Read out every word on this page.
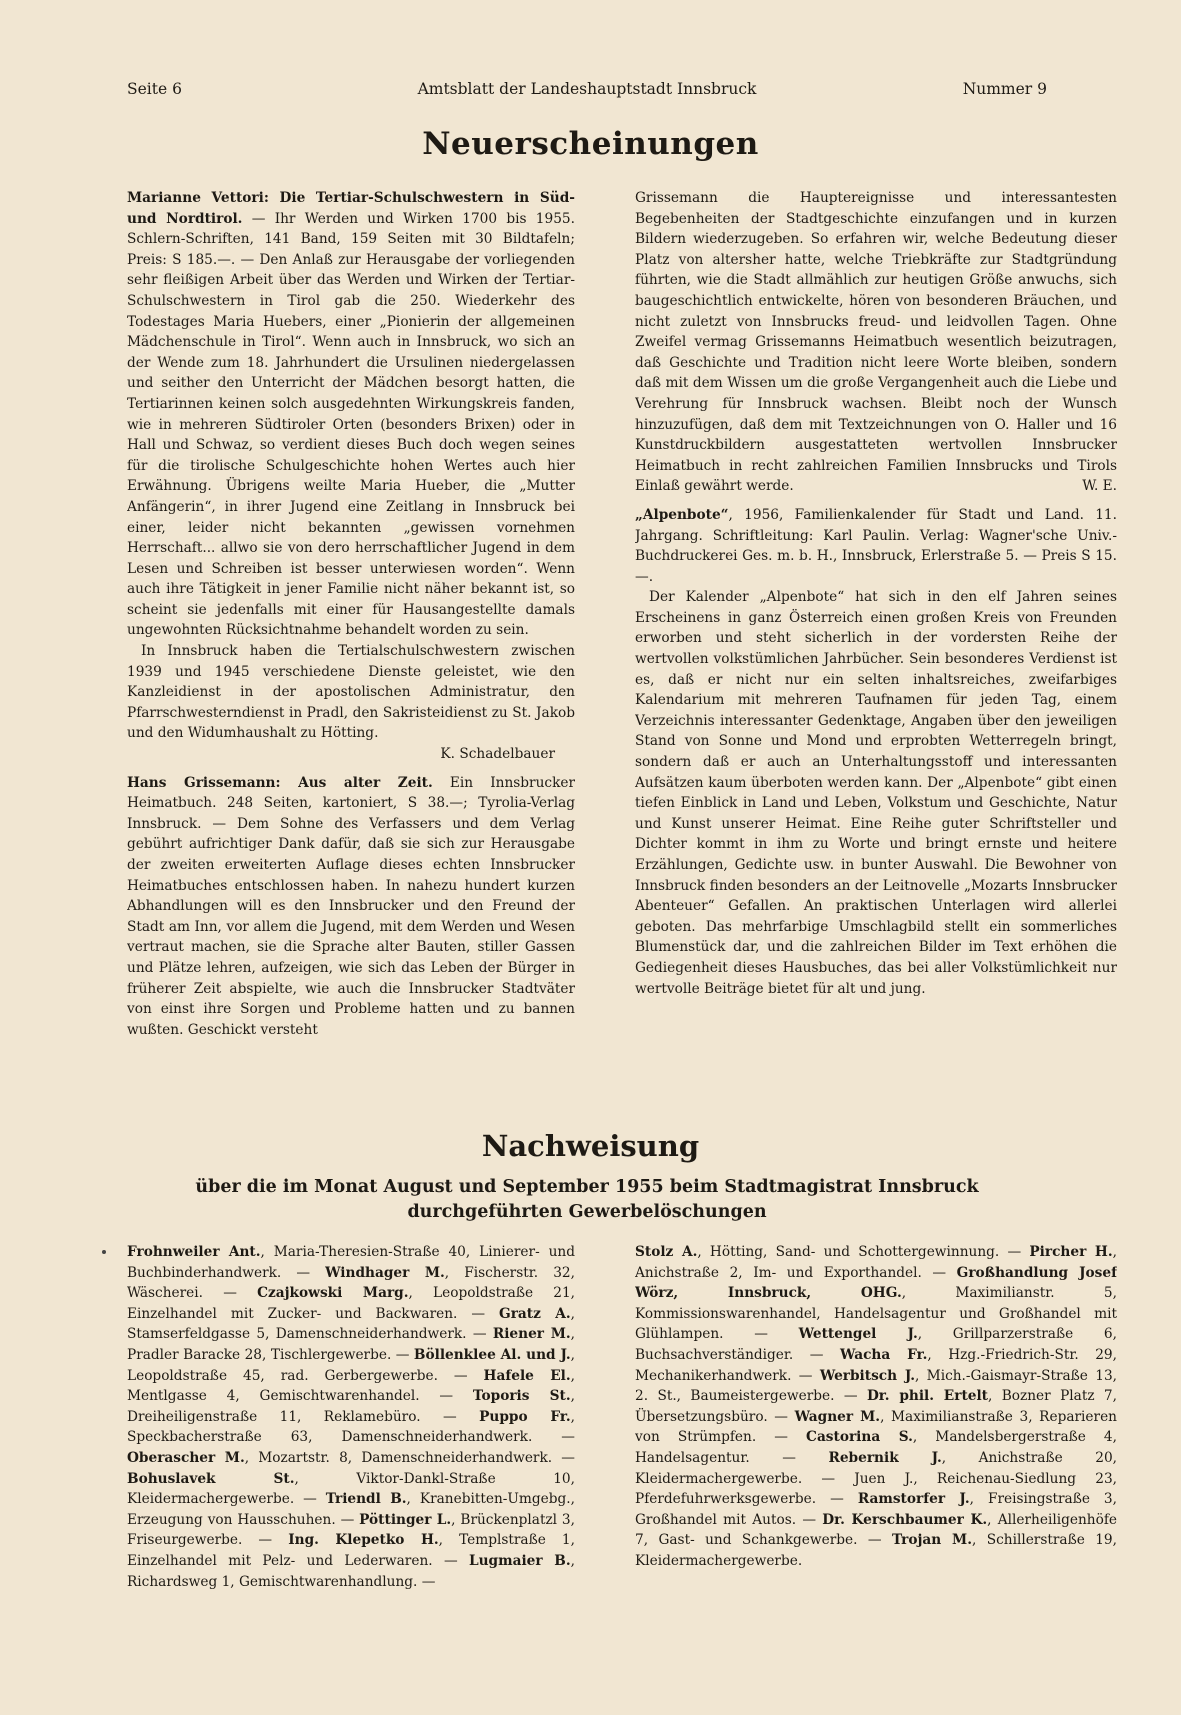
Seite 6	Amtsblatt der Landeshauptstadt Innsbruck	Nummer 9
Neuerscheinungen

Marianne Vettori: Die Tertiar-Schulschwestern in Süd- und Nordtirol. — Ihr Werden und Wirken 1700 bis 1955. Schlern-Schriften, 141 Band, 159 Seiten mit 30 Bildtafeln; Preis: S 185.—. — Den Anlaß zur Herausgabe der vorliegenden sehr fleißigen Arbeit über das Werden und Wirken der Tertiar-Schulschwestern in Tirol gab die 250. Wiederkehr des Todestages Maria Huebers, einer „Pionierin der allgemeinen Mädchenschule in Tirol“. Wenn auch in Innsbruck, wo sich an der Wende zum 18. Jahrhundert die Ursulinen niedergelassen und seither den Unterricht der Mädchen besorgt hatten, die Tertiarinnen keinen solch ausgedehnten Wirkungskreis fanden, wie in mehreren Südtiroler Orten (besonders Brixen) oder in Hall und Schwaz, so verdient dieses Buch doch wegen seines für die tirolische Schulgeschichte hohen Wertes auch hier Erwähnung. Übrigens weilte Maria Hueber, die „Mutter Anfängerin“, in ihrer Jugend eine Zeitlang in Innsbruck bei einer, leider nicht bekannten „gewissen vornehmen Herrschaft... allwo sie von dero herrschaftlicher Jugend in dem Lesen und Schreiben ist besser unterwiesen worden“. Wenn auch ihre Tätigkeit in jener Familie nicht näher bekannt ist, so scheint sie jedenfalls mit einer für Hausangestellte damals ungewohnten Rücksichtnahme behandelt worden zu sein.

In Innsbruck haben die Tertialschulschwestern zwischen 1939 und 1945 verschiedene Dienste geleistet, wie den Kanzleidienst in der apostolischen Administratur, den Pfarrschwesterndienst in Pradl, den Sakristeidienst zu St. Jakob und den Widumhaushalt zu Hötting.

K. Schadelbauer

Hans Grissemann: Aus alter Zeit. Ein Innsbrucker Heimatbuch. 248 Seiten, kartoniert, S 38.—; Tyrolia-Verlag Innsbruck. — Dem Sohne des Verfassers und dem Verlag gebührt aufrichtiger Dank dafür, daß sie sich zur Herausgabe der zweiten erweiterten Auflage dieses echten Innsbrucker Heimatbuches entschlossen haben. In nahezu hundert kurzen Abhandlungen will es den Innsbrucker und den Freund der Stadt am Inn, vor allem die Jugend, mit dem Werden und Wesen vertraut machen, sie die Sprache alter Bauten, stiller Gassen und Plätze lehren, aufzeigen, wie sich das Leben der Bürger in früherer Zeit abspielte, wie auch die Innsbrucker Stadtväter von einst ihre Sorgen und Probleme hatten und zu bannen wußten. Geschickt versteht

Grissemann die Hauptereignisse und interessantesten Begebenheiten der Stadtgeschichte einzufangen und in kurzen Bildern wiederzugeben. So erfahren wir, welche Bedeutung dieser Platz von altersher hatte, welche Triebkräfte zur Stadtgründung führten, wie die Stadt allmählich zur heutigen Größe anwuchs, sich baugeschichtlich entwickelte, hören von besonderen Bräuchen, und nicht zuletzt von Innsbrucks freud- und leidvollen Tagen. Ohne Zweifel vermag Grissemanns Heimatbuch wesentlich beizutragen, daß Geschichte und Tradition nicht leere Worte bleiben, sondern daß mit dem Wissen um die große Vergangenheit auch die Liebe und Verehrung für Innsbruck wachsen. Bleibt noch der Wunsch hinzuzufügen, daß dem mit Textzeichnungen von O. Haller und 16 Kunstdruckbildern ausgestatteten wertvollen Innsbrucker Heimatbuch in recht zahlreichen Familien Innsbrucks und Tirols Einlaß gewährt werde.	W. E.

„Alpenbote“, 1956, Familienkalender für Stadt und Land. 11. Jahrgang. Schriftleitung: Karl Paulin. Verlag: Wagner'sche Univ.-Buchdruckerei Ges. m. b. H., Innsbruck, Erlerstraße 5. — Preis S 15.—.

Der Kalender „Alpenbote“ hat sich in den elf Jahren seines Erscheinens in ganz Österreich einen großen Kreis von Freunden erworben und steht sicherlich in der vordersten Reihe der wertvollen volkstümlichen Jahrbücher. Sein besonderes Verdienst ist es, daß er nicht nur ein selten inhaltsreiches, zweifarbiges Kalendarium mit mehreren Taufnamen für jeden Tag, einem Verzeichnis interessanter Gedenktage, Angaben über den jeweiligen Stand von Sonne und Mond und erprobten Wetterregeln bringt, sondern daß er auch an Unterhaltungsstoff und interessanten Aufsätzen kaum überboten werden kann. Der „Alpenbote“ gibt einen tiefen Einblick in Land und Leben, Volkstum und Geschichte, Natur und Kunst unserer Heimat. Eine Reihe guter Schriftsteller und Dichter kommt in ihm zu Worte und bringt ernste und heitere Erzählungen, Gedichte usw. in bunter Auswahl. Die Bewohner von Innsbruck finden besonders an der Leitnovelle „Mozarts Innsbrucker Abenteuer“ Gefallen. An praktischen Unterlagen wird allerlei geboten. Das mehrfarbige Umschlagbild stellt ein sommerliches Blumenstück dar, und die zahlreichen Bilder im Text erhöhen die Gediegenheit dieses Hausbuches, das bei aller Volkstümlichkeit nur wertvolle Beiträge bietet für alt und jung.

Nachweisung
über die im Monat August und September 1955 beim Stadtmagistrat Innsbruck durchgeführten Gewerbelöschungen

Frohnweiler Ant., Maria-Theresien-Straße 40, Linierer- und Buchbinderhandwerk. — Windhager M., Fischerstr. 32, Wäscherei. — Czajkowski Marg., Leopoldstraße 21, Einzelhandel mit Zucker- und Backwaren. — Gratz A., Stamserfeldgasse 5, Damenschneiderhandwerk. — Riener M., Pradler Baracke 28, Tischlergewerbe. — Böllenklee Al. und J., Leopoldstraße 45, rad. Gerbergewerbe. — Hafele El., Mentlgasse 4, Gemischtwarenhandel. — Toporis St., Dreiheiligenstraße 11, Reklamebüro. — Puppo Fr., Speckbacherstraße 63, Damenschneiderhandwerk. — Oberascher M., Mozartstr. 8, Damenschneiderhandwerk. — Bohuslavek St., Viktor-Dankl-Straße 10, Kleidermachergewerbe. — Triendl B., Kranebitten-Umgebg., Erzeugung von Hausschuhen. — Pöttinger L., Brückenplatzl 3, Friseurgewerbe. — Ing. Klepetko H., Templstraße 1, Einzelhandel mit Pelz- und Lederwaren. — Lugmaier B., Richardsweg 1, Gemischtwarenhandlung. —

Stolz A., Hötting, Sand- und Schottergewinnung. — Pircher H., Anichstraße 2, Im- und Exporthandel. — Großhandlung Josef Wörz, Innsbruck, OHG., Maximilianstr. 5, Kommissionswarenhandel, Handelsagentur und Großhandel mit Glühlampen. — Wettengel J., Grillparzerstraße 6, Buchsachverständiger. — Wacha Fr., Hzg.-Friedrich-Str. 29, Mechanikerhandwerk. — Werbitsch J., Mich.-Gaismayr-Straße 13, 2. St., Baumeistergewerbe. — Dr. phil. Ertelt, Bozner Platz 7, Übersetzungsbüro. — Wagner M., Maximilianstraße 3, Reparieren von Strümpfen. — Castorina S., Mandelsbergerstraße 4, Handelsagentur. — Rebernik J., Anichstraße 20, Kleidermachergewerbe. — Juen J., Reichenau-Siedlung 23, Pferdefuhrwerksgewerbe. — Ramstorfer J., Freisingstraße 3, Großhandel mit Autos. — Dr. Kerschbaumer K., Allerheiligenhöfe 7, Gast- und Schankgewerbe. — Trojan M., Schillerstraße 19, Kleidermachergewerbe.
